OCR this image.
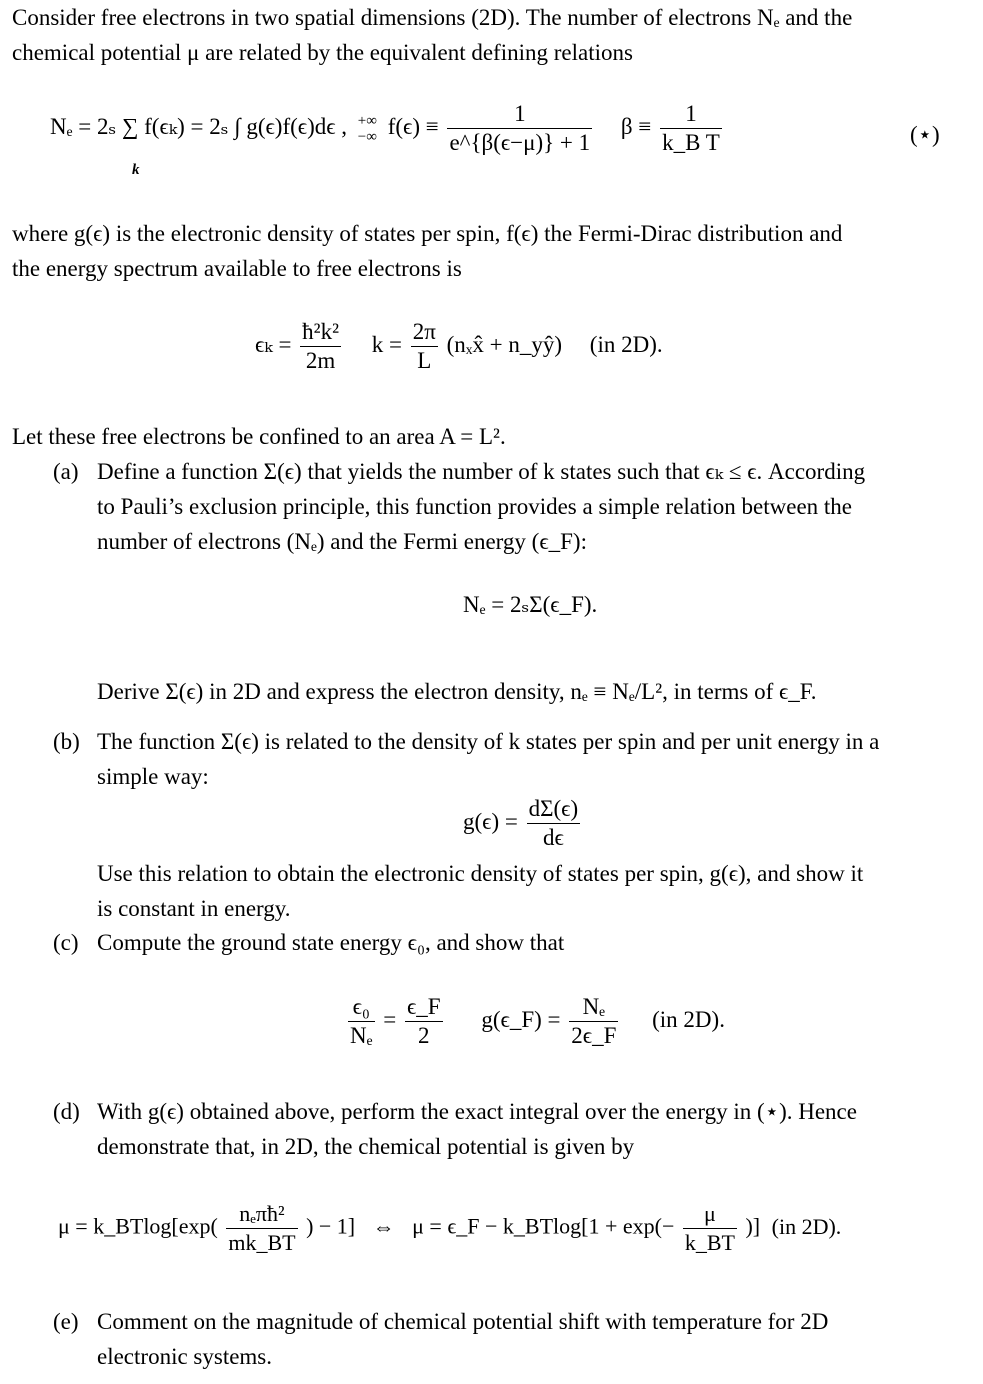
Consider free electrons in two spatial dimensions (2D). The number of electrons Nₑ and the
chemical potential μ are related by the equivalent defining relations
Nₑ = 2ₛ ∑ f(ϵₖ) = 2ₛ ∫ g(ϵ)f(ϵ)dϵ , +∞
−∞ $f(\epsilon) \equiv \frac{1}{e\^{}\{\beta(\epsilon-\mu)\} + 1}$ $\beta \equiv \frac{1}{\text{k\_B T}}$
k
(⋆)
where g(ϵ) is the electronic density of states per spin, f(ϵ) the Fermi-Dirac distribution and
the energy spectrum available to free electrons is
$\epsilon_k = \frac{\text{ħ²k²}}{2m}$ $k = \frac{2\pi}{L}$ (nₓx̂ + n_yŷ) (in 2D).
Let these free electrons be confined to an area A = L².
(a) Define a function Σ(ϵ) that yields the number of k states such that ϵₖ ≤ ϵ. According
to Pauli’s exclusion principle, this function provides a simple relation between the
number of electrons (Nₑ) and the Fermi energy (ϵ_F):
Nₑ = 2ₛΣ(ϵ_F).
Derive Σ(ϵ) in 2D and express the electron density, nₑ ≡ Nₑ/L², in terms of ϵ_F.
(b) The function Σ(ϵ) is related to the density of k states per spin and per unit energy in a
simple way:
$g(\epsilon) = \frac{d\Sigma(\epsilon)}{d\epsilon}$
Use this relation to obtain the electronic density of states per spin, g(ϵ), and show it
is constant in energy.
(c) Compute the ground state energy ϵ₀, and show that
$\frac{\text{ϵ₀}}{\text{Nₑ}} = \frac{\epsilon\_F}{2}$ g(ϵ_F) = $\frac{\text{Nₑ}}{2\epsilon\_F} (in$ 2D).
(d) With g(ϵ) obtained above, perform the exact integral over the energy in (⋆). Hence
demonstrate that, in 2D, the chemical potential is given by
μ = k_BTlog[exp( $\frac{\text{nₑπħ²}}{mk\_BT}$ ) − 1] ⇔ μ = ϵ_F − k_BTlog[1 + $\exp(- \frac{\mu}{k\_BT}$ )] (in 2D).
(e) Comment on the magnitude of chemical potential shift with temperature for 2D
electronic systems.
